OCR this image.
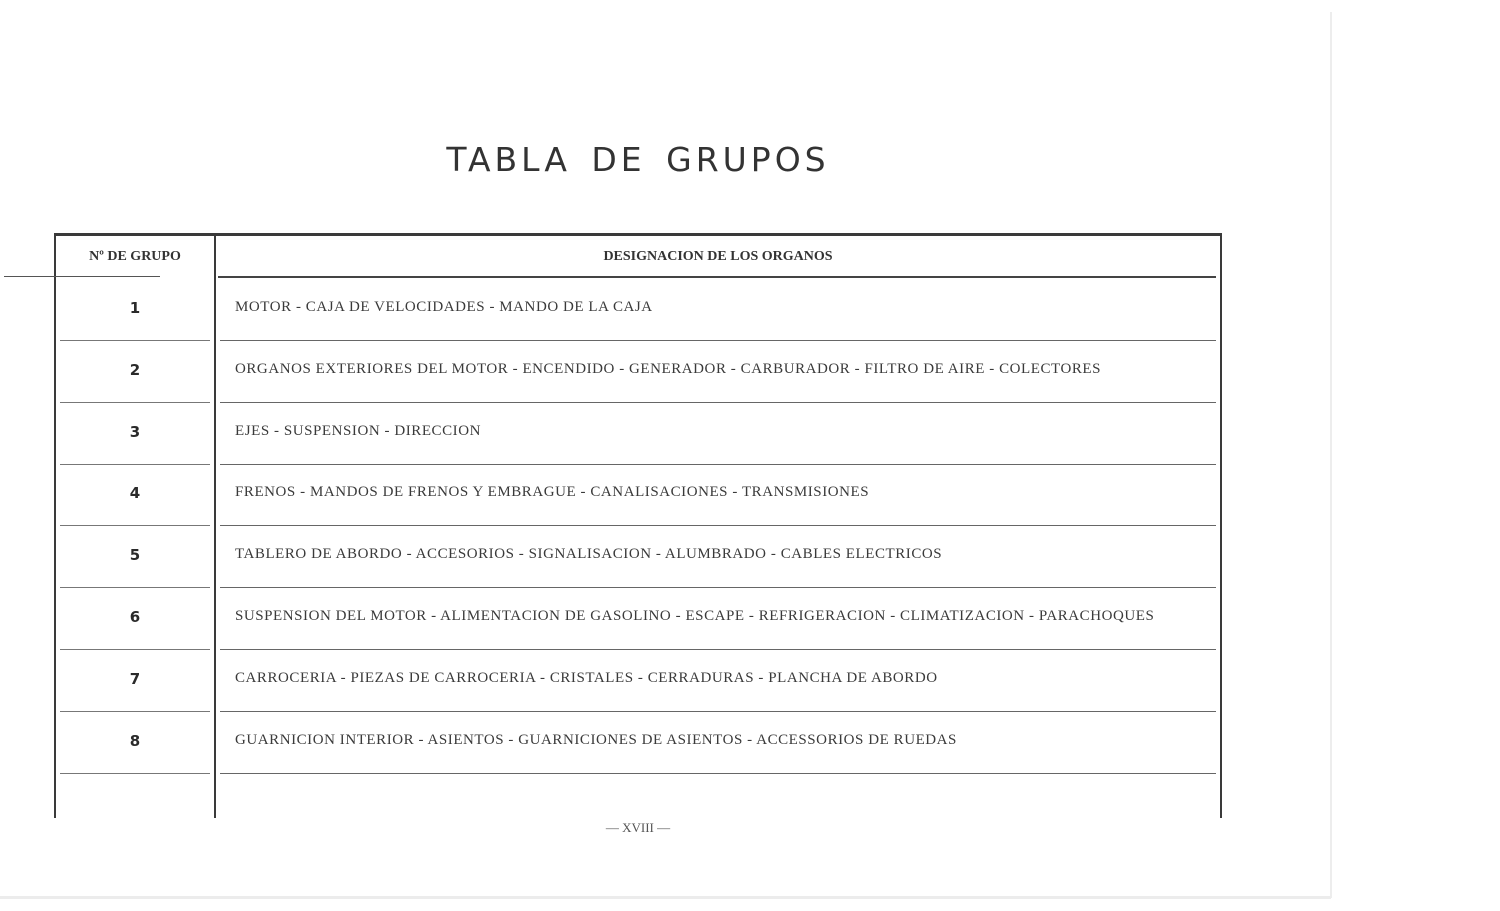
TABLA DE GRUPOS
Nº DE GRUPO	DESIGNACION DE LOS ORGANOS
1	MOTOR - CAJA DE VELOCIDADES - MANDO DE LA CAJA
2	ORGANOS EXTERIORES DEL MOTOR - ENCENDIDO - GENERADOR - CARBURADOR - FILTRO DE AIRE - COLECTORES
3	EJES - SUSPENSION - DIRECCION
4	FRENOS - MANDOS DE FRENOS Y EMBRAGUE - CANALISACIONES - TRANSMISIONES
5	TABLERO DE ABORDO - ACCESORIOS - SIGNALISACION - ALUMBRADO - CABLES ELECTRICOS
6	SUSPENSION DEL MOTOR - ALIMENTACION DE GASOLINO - ESCAPE - REFRIGERACION - CLIMATIZACION - PARACHOQUES
7	CARROCERIA - PIEZAS DE CARROCERIA - CRISTALES - CERRADURAS - PLANCHA DE ABORDO
8	GUARNICION INTERIOR - ASIENTOS - GUARNICIONES DE ASIENTOS - ACCESSORIOS DE RUEDAS
— XVIII —
